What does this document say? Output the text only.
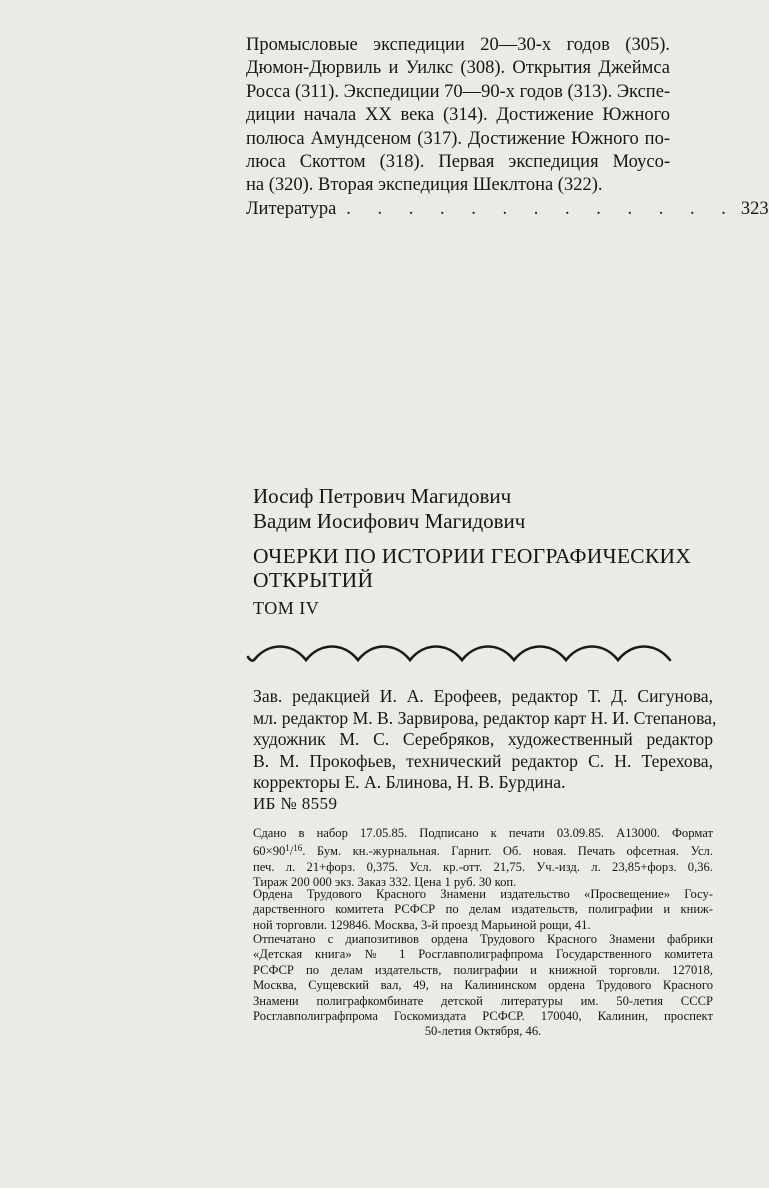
Промысловые экспедиции 20—30-х годов (305).
Дюмон-Дюрвиль и Уилкс (308). Открытия Джеймса
Росса (311). Экспедиции 70—90-х годов (313). Экспе-
диции начала XX века (314). Достижение Южного
полюса Амундсеном (317). Достижение Южного по-
люса Скоттом (318). Первая экспедиция Моусо-
на (320). Вторая экспедиция Шеклтона (322).
Литература . . . . . . . . . . . . . 323
Иосиф Петрович Магидович
Вадим Иосифович Магидович
ОЧЕРКИ ПО ИСТОРИИ ГЕОГРАФИЧЕСКИХ
ОТКРЫТИЙ
ТОМ IV
Зав. редакцией И. А. Ерофеев, редактор Т. Д. Сигунова,
мл. редактор М. В. Зарвирова, редактор карт Н. И. Степанова,
художник М. С. Серебряков, художественный редактор
В. М. Прокофьев, технический редактор С. Н. Терехова,
корректоры Е. А. Блинова, Н. В. Бурдина.
ИБ № 8559
Сдано в набор 17.05.85. Подписано к печати 03.09.85. А13000. Формат
$60\times 90^1/^{16}$. Бум. кн.-журнальная. Гарнит. Об. новая. Печать офсетная. Усл.
печ. л. 21+форз. 0,375. Усл. кр.-отт. 21,75. Уч.-изд. л. 23,85+форз. 0,36.
Тираж 200 000 экз. Заказ 332. Цена 1 руб. 30 коп.
Ордена Трудового Красного Знамени издательство «Просвещение» Госу-
дарственного комитета РСФСР по делам издательств, полиграфии и книж-
ной торговли. 129846. Москва, 3-й проезд Марьиной рощи, 41.
Отпечатано с диапозитивов ордена Трудового Красного Знамени фабрики
«Детская книга» № 1 Росглавполиграфпрома Государственного комитета
РСФСР по делам издательств, полиграфии и книжной торговли. 127018,
Москва, Сущевский вал, 49, на Калининском ордена Трудового Красного
Знамени полиграфкомбинате детской литературы им. 50-летия СССР
Росглавполиграфпрома Госкомиздата РСФСР. 170040, Калинин, проспект
50-летия Октября, 46.
